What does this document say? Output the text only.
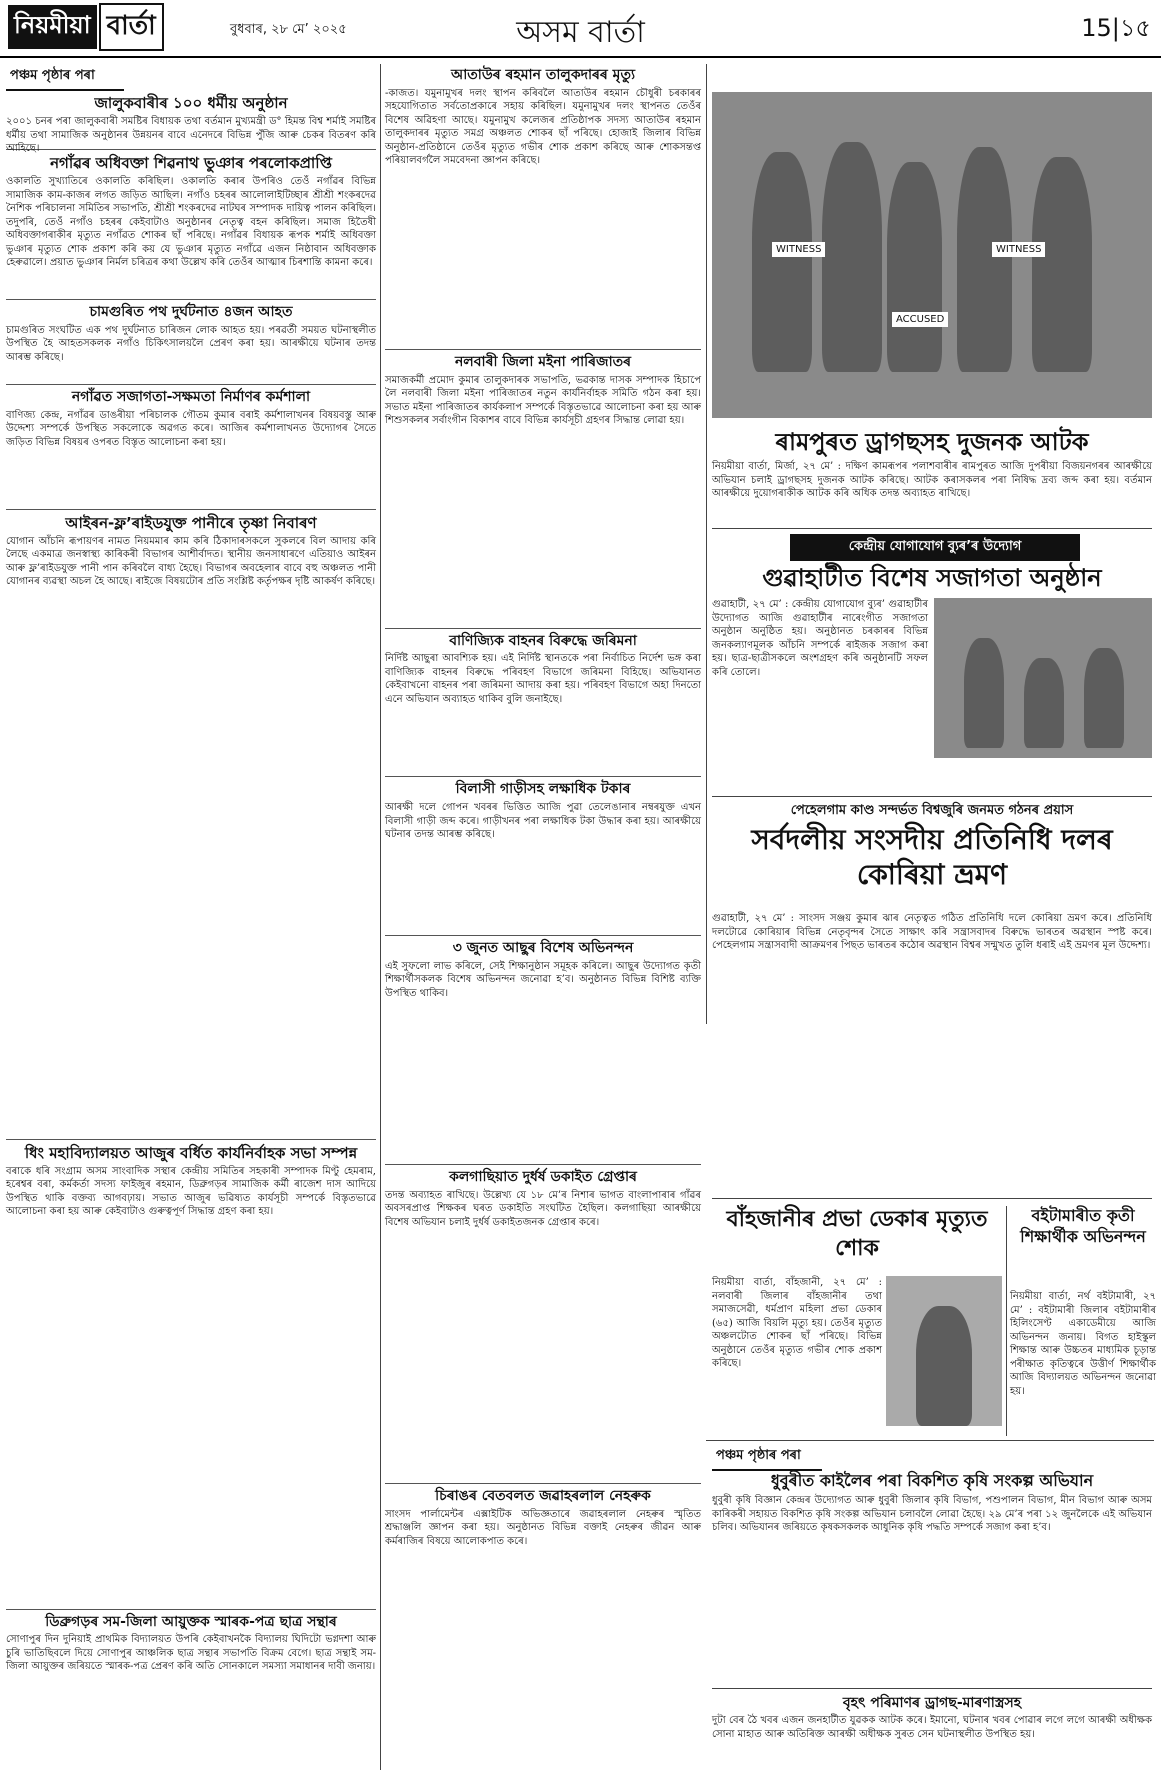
নিয়মীয়া বাৰ্তা	বুধবাৰ, ২৮ মে’ ২০২৫	অসম বাৰ্তা	15|১৫
পঞ্চম পৃষ্ঠাৰ পৰা
জালুকবাৰীৰ ১০০ ধৰ্মীয় অনুষ্ঠান
২০০১ চনৰ পৰা জালুকবাৰী সমষ্টিৰ বিধায়ক তথা বৰ্তমান মুখ্যমন্ত্ৰী ড° হিমন্ত বিশ্ব শৰ্মাই সমষ্টিৰ ধৰ্মীয় তথা সামাজিক অনুষ্ঠানৰ উন্নয়নৰ বাবে এনেদৰে বিভিন্ন পুঁজি আৰু চেকৰ বিতৰণ কৰি আহিছে।
নগাঁৱৰ অধিবক্তা শিৱনাথ ভুঞাৰ পৰলোকপ্ৰাপ্তি
ওকালতি সুখ্যাতিৰে ওকালতি কৰিছিল। ওকালতি কৰাৰ উপৰিও তেওঁ নগাঁৱৰ বিভিন্ন সামাজিক কাম-কাজৰ লগত জড়িত আছিল। নগাঁও চহৰৰ আলোলাইটিচ্ছাৰ শ্ৰীশ্ৰী শংকৰদেৱ নৈশিক পৰিচালনা সমিতিৰ সভাপতি, শ্ৰীশ্ৰী শংকৰদেৱ নাটঘৰ সম্পাদক দায়িত্ব পালন কৰিছিল। তদুপৰি, তেওঁ নগাঁও চহৰৰ কেইবাটাও অনুষ্ঠানৰ নেতৃত্ব বহন কৰিছিল। সমাজ হিতৈষী অধিবক্তাগৰাকীৰ মৃত্যুত নগাঁৱত শোকৰ ছাঁ পৰিছে। নগাঁৱৰ বিধায়ক ৰূপক শৰ্মাই অধিবক্তা ভুঞাৰ মৃত্যুত শোক প্ৰকাশ কৰি কয় যে ভুঞাৰ মৃত্যুত নগাঁৱে এজন নিষ্ঠাবান অধিবক্তাক হেৰুৱালে। প্ৰয়াত ভুঞাৰ নিৰ্মল চৰিত্ৰৰ কথা উল্লেখ কৰি তেওঁৰ আত্মাৰ চিৰশান্তি কামনা কৰে।
চামগুৰিত পথ দুৰ্ঘটনাত ৪জন আহত
চামগুৰিত সংঘটিত এক পথ দুৰ্ঘটনাত চাৰিজন লোক আহত হয়। পৰৱৰ্তী সময়ত ঘটনাস্থলীত উপস্থিত হৈ আহতসকলক নগাঁও চিকিৎসালয়লৈ প্ৰেৰণ কৰা হয়। আৰক্ষীয়ে ঘটনাৰ তদন্ত আৰম্ভ কৰিছে।
নগাঁৱত সজাগতা-সক্ষমতা নিৰ্মাণৰ কৰ্মশালা
বাণিজ্য কেন্দ্ৰ, নগাঁৱৰ ডাঙৰীয়া পৰিচালক গৌতম কুমাৰ বৰাই কৰ্মশালাখনৰ বিষয়বস্তু আৰু উদ্দেশ্য সম্পৰ্কে উপস্থিত সকলোকে অৱগত কৰে। আজিৰ কৰ্মশালাখনত উদ্যোগৰ সৈতে জড়িত বিভিন্ন বিষয়ৰ ওপৰত বিস্তৃত আলোচনা কৰা হয়।
আইৰন-ফ্ল’ৰাইডযুক্ত পানীৰে তৃষ্ণা নিবাৰণ
যোগান আঁচনি ৰূপায়ণৰ নামত নিয়মমাৰ কাম কৰি ঠিকাদাৰসকলে সুকলৰে বিল আদায় কৰি লৈছে একমাত্ৰ জনস্বাস্থ্য কাৰিকৰী বিভাগৰ আশীৰ্বাদত। স্থানীয় জনসাধাৰণে এতিয়াও আইৰন আৰু ফ্ল’ৰাইডযুক্ত পানী পান কৰিবলৈ বাধ্য হৈছে। বিভাগৰ অবহেলাৰ বাবে বহু অঞ্চলত পানী যোগানৰ ব্যৱস্থা অচল হৈ আছে। ৰাইজে বিষয়টোৰ প্ৰতি সংশ্লিষ্ট কৰ্তৃপক্ষৰ দৃষ্টি আকৰ্ষণ কৰিছে।
ধিং মহাবিদ্যালয়ত আজুৰ বৰ্ধিত কাৰ্যনিৰ্বাহক সভা সম্পন্ন
বৰাকে ধৰি সংগ্ৰাম অসম সাংবাদিক সস্থাৰ কেন্দ্ৰীয় সমিতিৰ সহকাৰী সম্পাদক মিণ্টু হেমৰাম, হৰেশ্বৰ বৰা, কৰ্মকৰ্তা সদস্য ফাইজুৰ ৰহমান, ডিব্ৰুগড়ৰ সামাজিক কৰ্মী ৰাজেশ দাস আদিয়ে উপস্থিত থাকি বক্তব্য আগবঢ়ায়। সভাত আজুৰ ভৱিষ্যত কাৰ্যসূচী সম্পৰ্কে বিস্তৃতভাৱে আলোচনা কৰা হয় আৰু কেইবাটাও গুৰুত্বপূৰ্ণ সিদ্ধান্ত গ্ৰহণ কৰা হয়।
ডিব্ৰুগড়ৰ সম-জিলা আয়ুক্তক স্মাৰক-পত্ৰ ছাত্ৰ সন্থাৰ
সোণাপুৰ দিন দুনিয়াই প্ৰাথমিক বিদ্যালয়ত উপৰি কেইবাখনকৈ বিদ্যালয় ঘিদিটো ভগ্নদশা আৰু চুৰি ভাতিছিবলে দিয়ে সোণাপুৰ আঞ্চলিক ছাত্ৰ সন্থাৰ সভাপতি বিক্ৰম বেগে। ছাত্ৰ সন্থাই সম-জিলা আয়ুক্তৰ জৰিয়তে স্মাৰক-পত্ৰ প্ৰেৰণ কৰি অতি সোনকালে সমস্যা সমাধানৰ দাবী জনায়।
আতাউৰ ৰহমান তালুকদাৰৰ মৃত্যু
-কাজত। যমুনামুখৰ দলং স্থাপন কৰিবলৈ আতাউৰ ৰহমান চৌধুৰী চৰকাৰৰ সহযোগিতাত সৰ্বতোপ্ৰকাৰে সহায় কৰিছিল। যমুনামুখৰ দলং স্থাপনত তেওঁৰ বিশেষ অৱিহণা আছে। যমুনামুখ কলেজৰ প্ৰতিষ্ঠাপক সদস্য আতাউৰ ৰহমান তালুকদাৰৰ মৃত্যুত সমগ্ৰ অঞ্চলত শোকৰ ছাঁ পৰিছে। হোজাই জিলাৰ বিভিন্ন অনুষ্ঠান-প্ৰতিষ্ঠানে তেওঁৰ মৃত্যুত গভীৰ শোক প্ৰকাশ কৰিছে আৰু শোকসন্তপ্ত পৰিয়ালবৰ্গলৈ সমবেদনা জ্ঞাপন কৰিছে।
নলবাৰী জিলা মইনা পাৰিজাতৰ
সমাজকৰ্মী প্ৰমোদ কুমাৰ তালুকদাৰক সভাপতি, ভৱকান্ত দাসক সম্পাদক হিচাপে লৈ নলবাৰী জিলা মইনা পাৰিজাতৰ নতুন কাৰ্যনিৰ্বাহক সমিতি গঠন কৰা হয়। সভাত মইনা পাৰিজাতৰ কাৰ্যকলাপ সম্পৰ্কে বিস্তৃতভাৱে আলোচনা কৰা হয় আৰু শিশুসকলৰ সৰ্বাংগীন বিকাশৰ বাবে বিভিন্ন কাৰ্যসূচী গ্ৰহণৰ সিদ্ধান্ত লোৱা হয়।
বাণিজ্যিক বাহনৰ বিৰুদ্ধে জৰিমনা
নির্দিষ্ট আছুৰা আবশ্যিক হয়। এই নির্দিষ্ট স্থানতকে পৰা নিৰ্বাচিত নিৰ্দেশ ভঙ্গ কৰা বাণিজ্যিক বাহনৰ বিৰুদ্ধে পৰিবহণ বিভাগে জৰিমনা বিহিছে। অভিযানত কেইবাখনো বাহনৰ পৰা জৰিমনা আদায় কৰা হয়। পৰিবহণ বিভাগে অহা দিনতো এনে অভিযান অব্যাহত থাকিব বুলি জনাইছে।
বিলাসী গাড়ীসহ লক্ষাধিক টকাৰ
আৰক্ষী দলে গোপন খবৰৰ ভিত্তিত আজি পুৱা তেলেঙানাৰ নম্বৰযুক্ত এখন বিলাসী গাড়ী জব্দ কৰে। গাড়ীখনৰ পৰা লক্ষাধিক টকা উদ্ধাৰ কৰা হয়। আৰক্ষীয়ে ঘটনাৰ তদন্ত আৰম্ভ কৰিছে।
৩ জুনত আছুৰ বিশেষ অভিনন্দন
এই সুফলো লাভ কৰিলে, সেই শিক্ষানুষ্ঠান সমূহক কৰিলে। আছুৰ উদ্যোগত কৃতী শিক্ষাৰ্থীসকলক বিশেষ অভিনন্দন জনোৱা হ’ব। অনুষ্ঠানত বিভিন্ন বিশিষ্ট ব্যক্তি উপস্থিত থাকিব।
কলগাছিয়াত দুৰ্ধৰ্ষ ডকাইত গ্ৰেপ্তাৰ
তদন্ত অব্যাহত ৰাখিছে। উল্লেখ্য যে ১৮ মে’ৰ নিশাৰ ভাগত বাংলাপাৰাৰ গাঁৱৰ অবসৰপ্ৰাপ্ত শিক্ষকৰ ঘৰত ডকাইতি সংঘটিত হৈছিল। কলগাছিয়া আৰক্ষীয়ে বিশেষ অভিযান চলাই দুৰ্ধৰ্ষ ডকাইতজনক গ্ৰেপ্তাৰ কৰে।
চিৰাঙৰ বেতবলত জৱাহৰলাল নেহৰুক
সাংসদ পাৰ্লামেন্টৰ এক্সাইটিক অভিজ্ঞতাৰে জৱাহৰলাল নেহৰুৰ স্মৃতিত শ্ৰদ্ধাঞ্জলি জ্ঞাপন কৰা হয়। অনুষ্ঠানত বিভিন্ন বক্তাই নেহৰুৰ জীৱন আৰু কৰ্মৰাজিৰ বিষয়ে আলোকপাত কৰে।
WITNESS
ACCUSED
WITNESS
ৰামপুৰত ড্ৰাগছসহ দুজনক আটক
নিয়মীয়া বাৰ্তা, মিৰ্জা, ২৭ মে’ : দক্ষিণ কামৰূপৰ পলাশবাৰীৰ ৰামপুৰত আজি দুপৰীয়া বিজয়নগৰৰ আৰক্ষীয়ে অভিযান চলাই ড্ৰাগছসহ দুজনক আটক কৰিছে। আটক কৰাসকলৰ পৰা নিষিদ্ধ দ্ৰব্য জব্দ কৰা হয়। বৰ্তমান আৰক্ষীয়ে দুয়োগৰাকীক আটক কৰি অধিক তদন্ত অব্যাহত ৰাখিছে।
কেন্দ্ৰীয় যোগাযোগ ব্যুৰ’ৰ উদ্যোগ
গুৱাহাটীত বিশেষ সজাগতা অনুষ্ঠান
গুৱাহাটী, ২৭ মে’ : কেন্দ্ৰীয় যোগাযোগ ব্যুৰ’ গুৱাহাটীৰ উদ্যোগত আজি গুৱাহাটীৰ নাৰেংগীত সজাগতা অনুষ্ঠান অনুষ্ঠিত হয়। অনুষ্ঠানত চৰকাৰৰ বিভিন্ন জনকল্যাণমূলক আঁচনি সম্পৰ্কে ৰাইজক সজাগ কৰা হয়। ছাত্ৰ-ছাত্ৰীসকলে অংশগ্ৰহণ কৰি অনুষ্ঠানটি সফল কৰি তোলে।
পেহেলগাম কাণ্ড সন্দৰ্ভত বিশ্বজুৰি জনমত গঠনৰ প্ৰয়াস
সৰ্বদলীয় সংসদীয় প্ৰতিনিধি দলৰ কোৰিয়া ভ্ৰমণ
গুৱাহাটী, ২৭ মে’ : সাংসদ সঞ্জয় কুমাৰ ঝাৰ নেতৃত্বত গঠিত প্ৰতিনিধি দলে কোৰিয়া ভ্ৰমণ কৰে। প্ৰতিনিধি দলটোৱে কোৰিয়াৰ বিভিন্ন নেতৃবৃন্দৰ সৈতে সাক্ষাৎ কৰি সন্ত্ৰাসবাদৰ বিৰুদ্ধে ভাৰতৰ অৱস্থান স্পষ্ট কৰে। পেহেলগাম সন্ত্ৰাসবাদী আক্ৰমণৰ পিছত ভাৰতৰ কঠোৰ অৱস্থান বিশ্বৰ সন্মুখত তুলি ধৰাই এই ভ্ৰমণৰ মূল উদ্দেশ্য।
বাঁহজানীৰ প্ৰভা ডেকাৰ মৃত্যুত শোক
নিয়মীয়া বাৰ্তা, বাঁহজানী, ২৭ মে’ : নলবাৰী জিলাৰ বাঁহজানীৰ তথা সমাজসেৱী, ধৰ্মপ্ৰাণ মহিলা প্ৰভা ডেকাৰ (৬৫) আজি বিয়লি মৃত্যু হয়। তেওঁৰ মৃত্যুত অঞ্চলটোত শোকৰ ছাঁ পৰিছে। বিভিন্ন অনুষ্ঠানে তেওঁৰ মৃত্যুত গভীৰ শোক প্ৰকাশ কৰিছে।
বইটামাৰীত কৃতী শিক্ষাৰ্থীক অভিনন্দন
নিয়মীয়া বাৰ্তা, নৰ্থ বইটামাৰী, ২৭ মে’ : বইটামাৰী জিলাৰ বইটামাৰীৰ হিলিংসেণ্ট একাডেমীয়ে আজি অভিনন্দন জনায়। বিগত হাইস্কুল শিক্ষান্ত আৰু উচ্চতৰ মাধ্যমিক চূড়ান্ত পৰীক্ষাত কৃতিত্বৰে উত্তীৰ্ণ শিক্ষাৰ্থীক আজি বিদ্যালয়ত অভিনন্দন জনোৱা হয়।
পঞ্চম পৃষ্ঠাৰ পৰা
ধুবুৰীত কাইলৈৰ পৰা বিকশিত কৃষি সংকল্প অভিযান
ধুবুৰী কৃষি বিজ্ঞান কেন্দ্ৰৰ উদ্যোগত আৰু ধুবুৰী জিলাৰ কৃষি বিভাগ, পশুপালন বিভাগ, মীন বিভাগ আৰু অসম কাৰিকৰী সহায়ত বিকশিত কৃষি সংকল্প অভিযান চলাবলৈ লোৱা হৈছে। ২৯ মে’ৰ পৰা ১২ জুনলৈকে এই অভিযান চলিব। অভিযানৰ জৰিয়তে কৃষকসকলক আধুনিক কৃষি পদ্ধতি সম্পৰ্কে সজাগ কৰা হ’ব।
বৃহৎ পৰিমাণৰ ড্ৰাগছ-মাৰণাস্ত্ৰসহ
দুটা বেৰ ঠৈ খবৰ এজন জনহাটীত যুৱকক আটক কৰে। ইমানো, ঘটনাৰ খবৰ পোৱাৰ লগে লগে আৰক্ষী অধীক্ষক সোনা মাহাত আৰু অতিৰিক্ত আৰক্ষী অধীক্ষক সুৰত সেন ঘটনাস্থলীত উপস্থিত হয়।
